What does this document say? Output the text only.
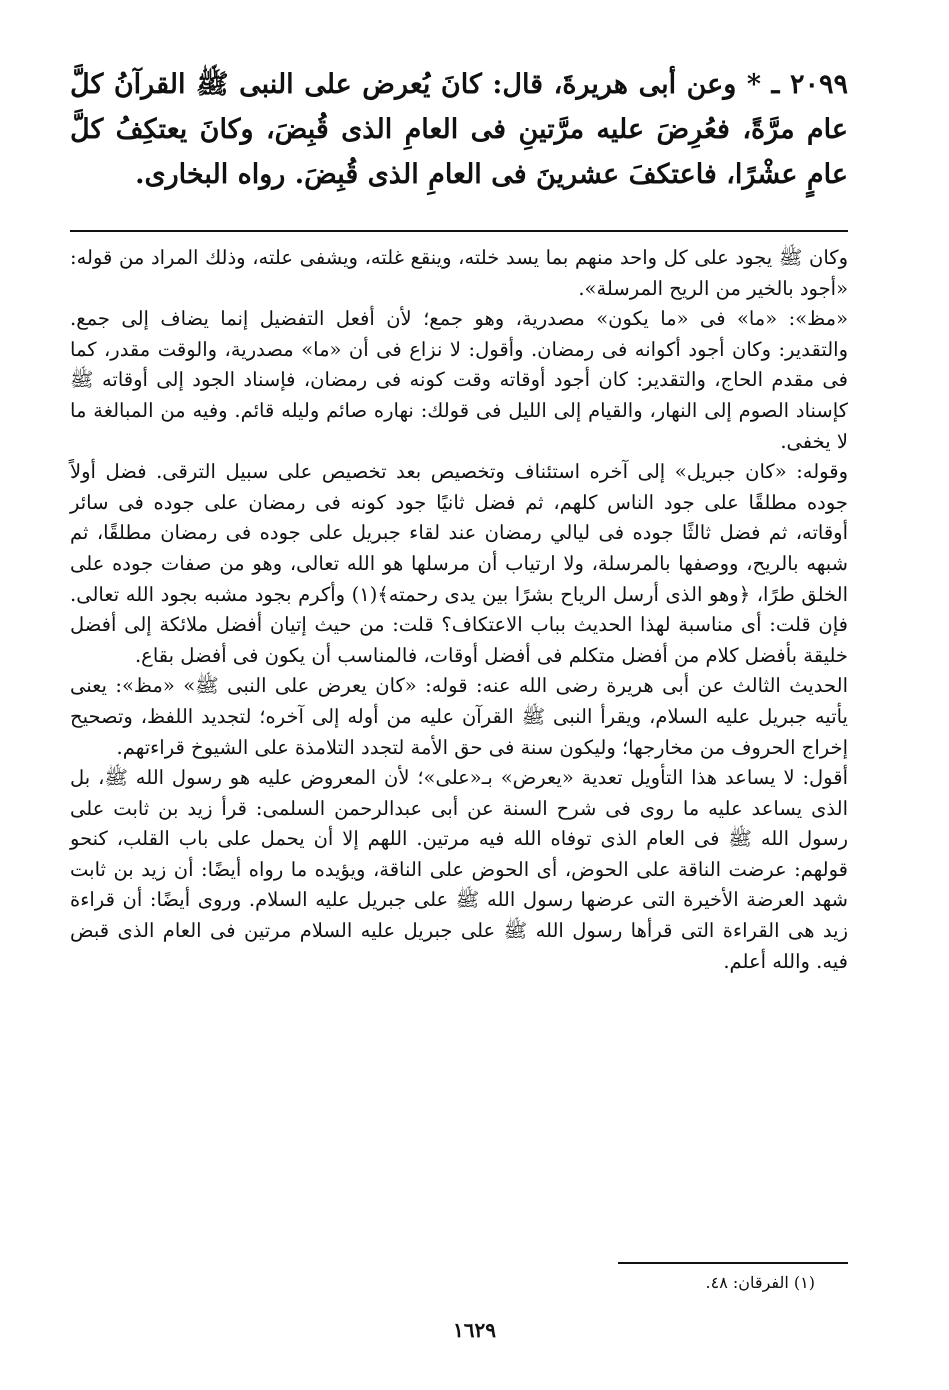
٢٠٩٩ ـ * وعن أبى هريرةَ، قال: كانَ يُعرض على النبى ﷺ القرآنُ كلَّ عام مرَّةً، فعُرِضَ عليه مرَّتينِ فى العامِ الذى قُبِضَ، وكانَ يعتكِفُ كلَّ عامٍ عشْرًا، فاعتكفَ عشرينَ فى العامِ الذى قُبِضَ. رواه البخارى.

وكان ﷺ يجود على كل واحد منهم بما يسد خلته، وينقع غلته، ويشفى علته، وذلك المراد من قوله: «أجود بالخير من الريح المرسلة».

«مظ»: «ما» فى «ما يكون» مصدرية، وهو جمع؛ لأن أفعل التفضيل إنما يضاف إلى جمع. والتقدير: وكان أجود أكوانه فى رمضان. وأقول: لا نزاع فى أن «ما» مصدرية، والوقت مقدر، كما فى مقدم الحاج، والتقدير: كان أجود أوقاته وقت كونه فى رمضان، فإسناد الجود إلى أوقاته ﷺ كإسناد الصوم إلى النهار، والقيام إلى الليل فى قولك: نهاره صائم وليله قائم. وفيه من المبالغة ما لا يخفى.

وقوله: «كان جبريل» إلى آخره استئناف وتخصيص بعد تخصيص على سبيل الترقى. فضل أولاً جوده مطلقًا على جود الناس كلهم، ثم فضل ثانيًا جود كونه فى رمضان على جوده فى سائر أوقاته، ثم فضل ثالثًا جوده فى ليالي رمضان عند لقاء جبريل على جوده فى رمضان مطلقًا، ثم شبهه بالريح، ووصفها بالمرسلة، ولا ارتياب أن مرسلها هو الله تعالى، وهو من صفات جوده على الخلق طرًا، ﴿وهو الذى أرسل الرياح بشرًا بين يدى رحمته﴾(١) وأكرم بجود مشبه بجود الله تعالى. فإن قلت: أى مناسبة لهذا الحديث بباب الاعتكاف؟ قلت: من حيث إتيان أفضل ملائكة إلى أفضل خليقة بأفضل كلام من أفضل متكلم فى أفضل أوقات، فالمناسب أن يكون فى أفضل بقاع.

الحديث الثالث عن أبى هريرة رضى الله عنه: قوله: «كان يعرض على النبى ﷺ» «مظ»: يعنى يأتيه جبريل عليه السلام، ويقرأ النبى ﷺ القرآن عليه من أوله إلى آخره؛ لتجديد اللفظ، وتصحيح إخراج الحروف من مخارجها؛ وليكون سنة فى حق الأمة لتجدد التلامذة على الشيوخ قراءتهم.

أقول: لا يساعد هذا التأويل تعدية «يعرض» بـ«على»؛ لأن المعروض عليه هو رسول الله ﷺ، بل الذى يساعد عليه ما روى فى شرح السنة عن أبى عبدالرحمن السلمى: قرأ زيد بن ثابت على رسول الله ﷺ فى العام الذى توفاه الله فيه مرتين. اللهم إلا أن يحمل على باب القلب، كنحو قولهم: عرضت الناقة على الحوض، أى الحوض على الناقة، ويؤيده ما رواه أيضًا: أن زيد بن ثابت شهد العرضة الأخيرة التى عرضها رسول الله ﷺ على جبريل عليه السلام. وروى أيضًا: أن قراءة زيد هى القراءة التى قرأها رسول الله ﷺ على جبريل عليه السلام مرتين فى العام الذى قبض فيه. والله أعلم.

(١) الفرقان: ٤٨.
١٦٢٩
